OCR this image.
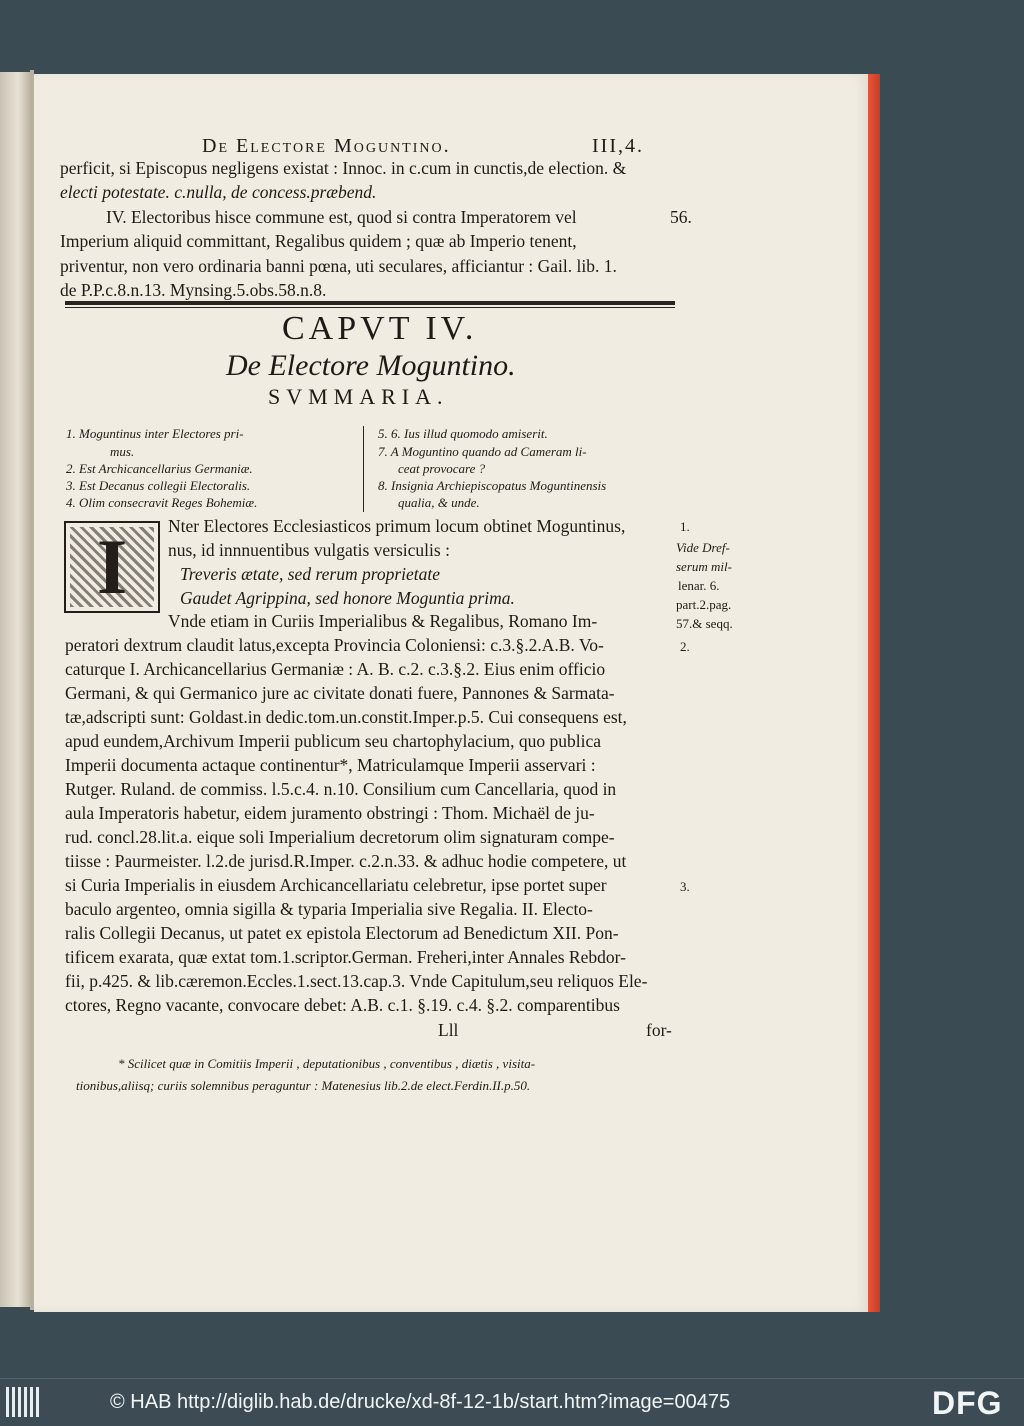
De Electore Moguntino.	III,4.
perficit, si Episcopus negligens existat : Innoc. in c.cum in cunctis,de election. &
electi potestate. c.nulla, de concess.præbend.
IV. Electoribus hisce commune est, quod si contra Imperatorem vel	56.
Imperium aliquid committant, Regalibus quidem ; quæ ab Imperio tenent,
priventur, non vero ordinaria banni pœna, uti seculares, afficiantur : Gail. lib. 1.
de P.P.c.8.n.13. Mynsing.5.obs.58.n.8.
CAPVT IV.
De Electore Moguntino.
SVMMARIA.
1. Moguntinus inter Electores pri-
mus.
2. Est Archicancellarius Germaniæ.
3. Est Decanus collegii Electoralis.
4. Olim consecravit Reges Bohemiæ.
5. 6. Ius illud quomodo amiserit.
7. A Moguntino quando ad Cameram li-
ceat provocare ?
8. Insignia Archiepiscopatus Moguntinensis
qualia, & unde.
I	Nter Electores Ecclesiasticos primum locum obtinet Moguntinus,
nus, id innnuentibus vulgatis versiculis :
Treveris ætate, sed rerum proprietate
Gaudet Agrippina, sed honore Moguntia prima.
Vnde etiam in Curiis Imperialibus & Regalibus, Romano Im-
peratori dextrum claudit latus,excepta Provincia Coloniensi: c.3.§.2.A.B. Vo-
caturque I. Archicancellarius Germaniæ : A. B. c.2. c.3.§.2. Eius enim officio
Germani, & qui Germanico jure ac civitate donati fuere, Pannones & Sarmata-
tæ,adscripti sunt: Goldast.in dedic.tom.un.constit.Imper.p.5. Cui consequens est,
apud eundem,Archivum Imperii publicum seu chartophylacium, quo publica
Imperii documenta actaque continentur*, Matriculamque Imperii asservari :
Rutger. Ruland. de commiss. l.5.c.4. n.10. Consilium cum Cancellaria, quod in
aula Imperatoris habetur, eidem juramento obstringi : Thom. Michaël de ju-
rud. concl.28.lit.a. eique soli Imperialium decretorum olim signaturam compe-
tiisse : Paurmeister. l.2.de jurisd.R.Imper. c.2.n.33. & adhuc hodie competere, ut
si Curia Imperialis in eiusdem Archicancellariatu celebretur, ipse portet super
baculo argenteo, omnia sigilla & typaria Imperialia sive Regalia. II. Electo-
ralis Collegii Decanus, ut patet ex epistola Electorum ad Benedictum XII. Pon-
tificem exarata, quæ extat tom.1.scriptor.German. Freheri,inter Annales Rebdor-
fii, p.425. & lib.cæremon.Eccles.1.sect.13.cap.3. Vnde Capitulum,seu reliquos Ele-
ctores, Regno vacante, convocare debet: A.B. c.1. §.19. c.4. §.2. comparentibus
Lll	for-
1.
Vide Dref-
serum mil-
lenar. 6.
part.2.pag.
57.& seqq.
2.
3.
* Scilicet quæ in Comitiis Imperii , deputationibus , conventibus , diætis , visita-
tionibus,aliisq; curiis solemnibus peraguntur : Matenesius lib.2.de elect.Ferdin.II.p.50.
© HAB http://diglib.hab.de/drucke/xd-8f-12-1b/start.htm?image=00475	DFG
